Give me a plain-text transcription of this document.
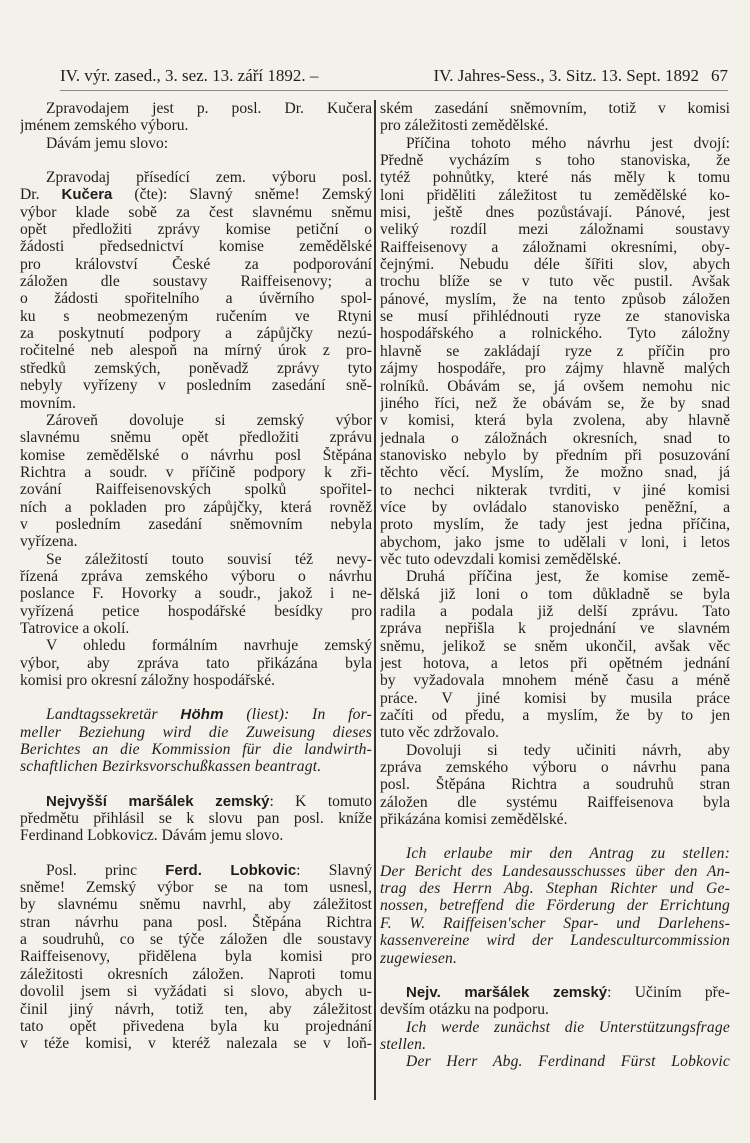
IV. výr. zased., 3. sez. 13. září 1892. –	IV. Jahres-Sess., 3. Sitz. 13. Sept. 1892 67
Zpravodajem jest p. posl. Dr. Kučera
jménem zemského výboru.
Dávám jemu slovo:
Zpravodaj přísedící zem. výboru posl.
Dr. Kučera (čte): Slavný sněme! Zemský
výbor klade sobě za čest slavnému sněmu
opět předložiti zprávy komise petiční o
žádosti předsednictví komise zemědělské
pro království České za podporování
záložen dle soustavy Raiffeisenovy; a
o žádosti spořitelního a úvěrního spol-
ku s neobmezeným ručením ve Rtyni
za poskytnutí podpory a zápůjčky nezú-
ročitelné neb alespoň na mírný úrok z pro-
středků zemských, poněvadž zprávy tyto
nebyly vyřízeny v posledním zasedání sně-
movním.
Zároveň dovoluje si zemský výbor
slavnému sněmu opět předložiti zprávu
komise zemědělské o návrhu posl Štěpána
Richtra a soudr. v příčině podpory k zři-
zování Raiffeisenovských spolků spořitel-
ních a pokladen pro zápůjčky, která rovněž
v posledním zasedání sněmovním nebyla
vyřízena.
Se záležitostí touto souvisí též nevy-
řízená zpráva zemského výboru o návrhu
poslance F. Hovorky a soudr., jakož i ne-
vyřízená petice hospodářské besídky pro
Tatrovice a okolí.
V ohledu formálním navrhuje zemský
výbor, aby zpráva tato přikázána byla
komisi pro okresní záložny hospodářské.
Landtagssekretär Höhm (liest): In for-
meller Beziehung wird die Zuweisung dieses
Berichtes an die Kommission für die landwirth-
schaftlichen Bezirksvorschußkassen beantragt.
Nejvyšší maršálek zemský: K tomuto
předmětu přihlásil se k slovu pan posl. kníže
Ferdinand Lobkovicz. Dávám jemu slovo.
Posl. princ Ferd. Lobkovic: Slavný
sněme! Zemský výbor se na tom usnesl,
by slavnému sněmu navrhl, aby záležitost
stran návrhu pana posl. Štěpána Richtra
a soudruhů, co se týče záložen dle soustavy
Raiffeisenovy, přidělena byla komisi pro
záležitosti okresních záložen. Naproti tomu
dovolil jsem si vyžádati si slovo, abych u-
činil jiný návrh, totiž ten, aby záležitost
tato opět přivedena byla ku projednání
v téže komisi, v kteréž nalezala se v loň-
ském zasedání sněmovním, totiž v komisi
pro záležitosti zemědělské.
Příčina tohoto mého návrhu jest dvojí:
Předně vycházím s toho stanoviska, že
tytéž pohnůtky, které nás měly k tomu
loni přiděliti záležitost tu zemědělské ko-
misi, ještě dnes pozůstávají. Pánové, jest
veliký rozdíl mezi záložnami soustavy
Raiffeisenovy a záložnami okresními, oby-
čejnými. Nebudu déle šířiti slov, abych
trochu blíže se v tuto věc pustil. Avšak
pánové, myslím, že na tento způsob záložen
se musí přihlédnouti ryze ze stanoviska
hospodářského a rolnického. Tyto záložny
hlavně se zakládají ryze z příčin pro
zájmy hospodáře, pro zájmy hlavně malých
rolníků. Obávám se, já ovšem nemohu nic
jiného říci, než že obávám se, že by snad
v komisi, která byla zvolena, aby hlavně
jednala o záložnách okresních, snad to
stanovisko nebylo by předním při posuzování
těchto věcí. Myslím, že možno snad, já
to nechci nikterak tvrditi, v jiné komisi
více by ovládalo stanovisko peněžní, a
proto myslím, že tady jest jedna příčina,
abychom, jako jsme to udělali v loni, i letos
věc tuto odevzdali komisi zemědělské.
Druhá příčina jest, že komise země-
dělská již loni o tom důkladně se byla
radila a podala již delší zprávu. Tato
zpráva nepřišla k projednání ve slavném
sněmu, jelikož se sněm ukončil, avšak věc
jest hotova, a letos při opětném jednání
by vyžadovala mnohem méně času a méně
práce. V jiné komisi by musila práce
začíti od předu, a myslím, že by to jen
tuto věc zdržovalo.
Dovoluji si tedy učiniti návrh, aby
zpráva zemského výboru o návrhu pana
posl. Štěpána Richtra a soudruhů stran
záložen dle systému Raiffeisenova byla
přikázána komisi zemědělské.
Ich erlaube mir den Antrag zu stellen:
Der Bericht des Landesausschusses über den An-
trag des Herrn Abg. Stephan Richter und Ge-
nossen, betreffend die Förderung der Errichtung
F. W. Raiffeisen'scher Spar- und Darlehens-
kassenvereine wird der Landesculturcommission
zugewiesen.
Nejv. maršálek zemský: Učiním pře-
devším otázku na podporu.
Ich werde zunächst die Unterstützungsfrage
stellen.
Der Herr Abg. Ferdinand Fürst Lobkovic
